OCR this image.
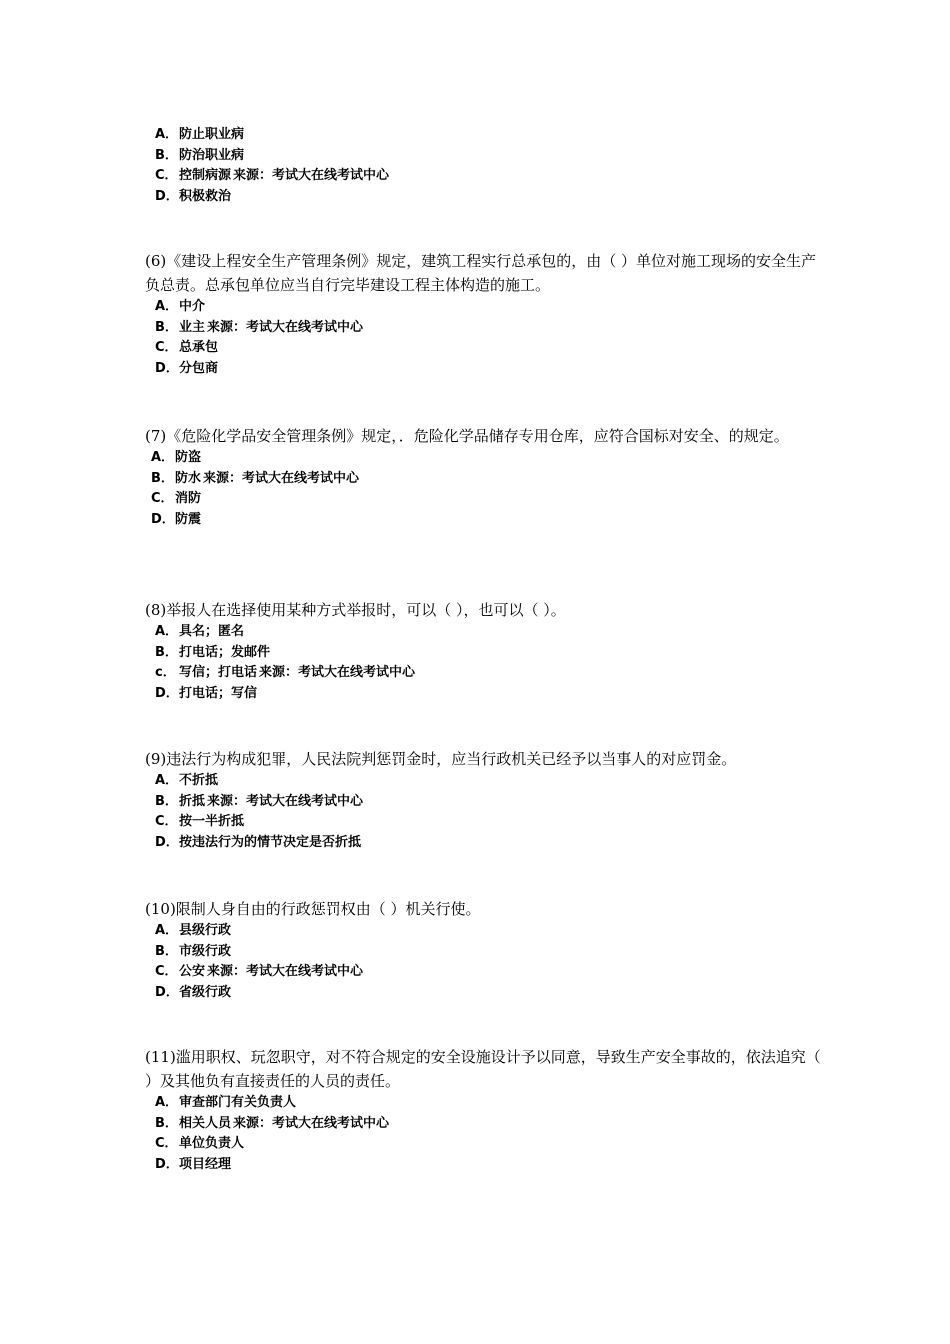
A．防止职业病
B．防治职业病
C．控制病源 来源：考试大在线考试中心
D．积极救治

(6)《建设上程安全生产管理条例》规定，建筑工程实行总承包的，由（ ）单位对施工现场的安全生产负总责。总承包单位应当自行完毕建设工程主体构造的施工。

A．中介
B．业主 来源：考试大在线考试中心
C．总承包
D．分包商

(7)《危险化学品安全管理条例》规定，．危险化学品储存专用仓库，应符合国标对安全、的规定。

A．防盗
B．防水 来源：考试大在线考试中心
C．消防
D．防震

(8)举报人在选择使用某种方式举报时，可以（ ），也可以（ ）。

A．具名；匿名
B．打电话；发邮件
c． 写信；打电话 来源：考试大在线考试中心
D．打电话；写信

(9)违法行为构成犯罪，人民法院判惩罚金时，应当行政机关已经予以当事人的对应罚金。

A．不折抵
B．折抵 来源：考试大在线考试中心
C．按一半折抵
D．按违法行为的情节决定是否折抵

(10)限制人身自由的行政惩罚权由（ ）机关行使。

A．县级行政
B．市级行政
C．公安 来源：考试大在线考试中心
D．省级行政

(11)滥用职权、玩忽职守，对不符合规定的安全设施设计予以同意，导致生产安全事故的，依法追究（ ）及其他负有直接责任的人员的责任。

A．审查部门有关负责人
B．相关人员 来源：考试大在线考试中心
C．单位负责人
D．项目经理
